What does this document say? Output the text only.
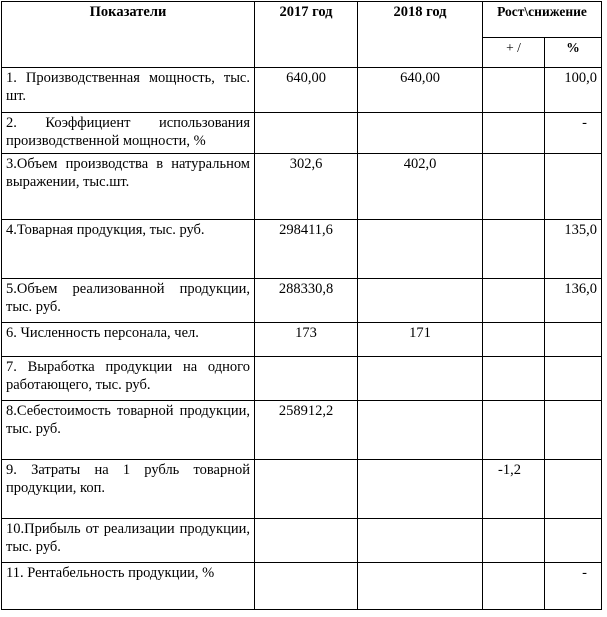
Показатели	2017 год	2018 год	Рост\снижение	
			+ /	%
1. Производственная мощность, тыс. шт.	640,00	640,00		100,0
2. Коэффициент использования производственной мощности, %				-
3.Объем производства в натуральном выражении, тыс.шт.	302,6	402,0		
4.Товарная продукция, тыс. руб.	298411,6			135,0
5.Объем реализованной продукции, тыс. руб.	288330,8			136,0
6. Численность персонала, чел.	173	171		
7. Выработка продукции на одного работающего, тыс. руб.				
8.Себестоимость товарной продукции, тыс. руб.	258912,2			
9. Затраты на 1 рубль товарной продукции, коп.			-1,2	
10.Прибыль от реализации продукции, тыс. руб.				
11. Рентабельность продукции, %				-
